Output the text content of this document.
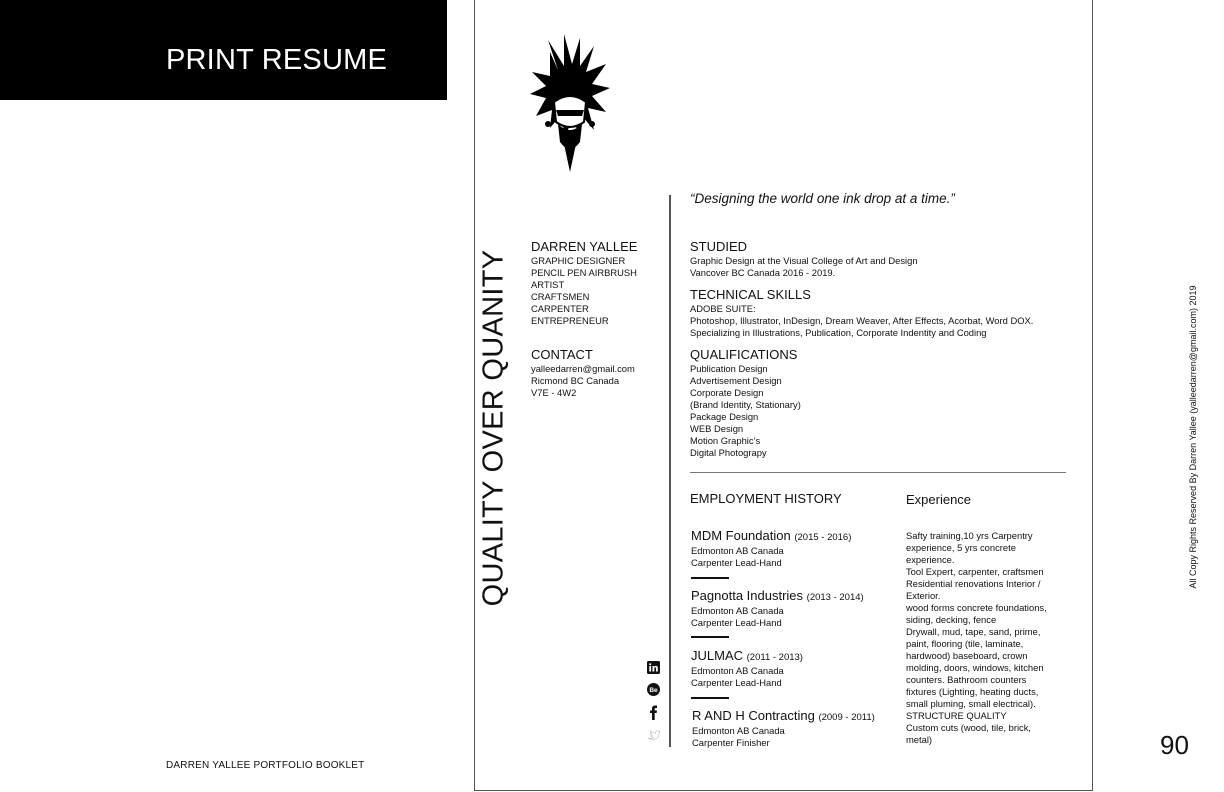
PRINT RESUME
DARREN YALLEE PORTFOLIO BOOKLET
90
All Copy Rights Reserved By Darren Yallee (yalleedarren@gmail.com) 2019
QUALITY OVER QUANITY
“Designing the world one ink drop at a time.”
DARREN YALLEE
GRAPHIC DESIGNER
PENCIL PEN AIRBRUSH
ARTIST
CRAFTSMEN
CARPENTER
ENTREPRENEUR
CONTACT
yalleedarren@gmail.com
Ricmond BC Canada
V7E - 4W2
STUDIED
Graphic Design at the Visual College of Art and Design
Vancover BC Canada 2016 - 2019.
TECHNICAL SKILLS
ADOBE SUITE:
Photoshop, Illustrator, InDesign, Dream Weaver, After Effects, Acorbat, Word DOX.
Specializing in Illustrations, Publication, Corporate Indentity and Coding
QUALIFICATIONS
Publication Design
Advertisement Design
Corporate Design
(Brand Identity, Stationary)
Package Design
WEB Design
Motion Graphic’s
Digital Photograpy
EMPLOYMENT HISTORY	Experience
MDM Foundation (2015 - 2016)
Edmonton AB Canada
Carpenter Lead-Hand
Pagnotta Industries (2013 - 2014)
Edmonton AB Canada
Carpenter Lead-Hand
JULMAC (2011 - 2013)
Edmonton AB Canada
Carpenter Lead-Hand
R AND H Contracting (2009 - 2011)
Edmonton AB Canada
Carpenter Finisher
Safty training,10 yrs Carpentry
experience, 5 yrs concrete
experience.
Tool Expert, carpenter, craftsmen
Residential renovations Interior /
Exterior.
wood forms concrete foundations,
siding, decking, fence
Drywall, mud, tape, sand, prime,
paint, flooring (tile, laminate,
hardwood) baseboard, crown
molding, doors, windows, kitchen
counters. Bathroom counters
fixtures (Lighting, heating ducts,
small pluming, small electrical).
STRUCTURE QUALITY
Custom cuts (wood, tile, brick,
metal)
Be
